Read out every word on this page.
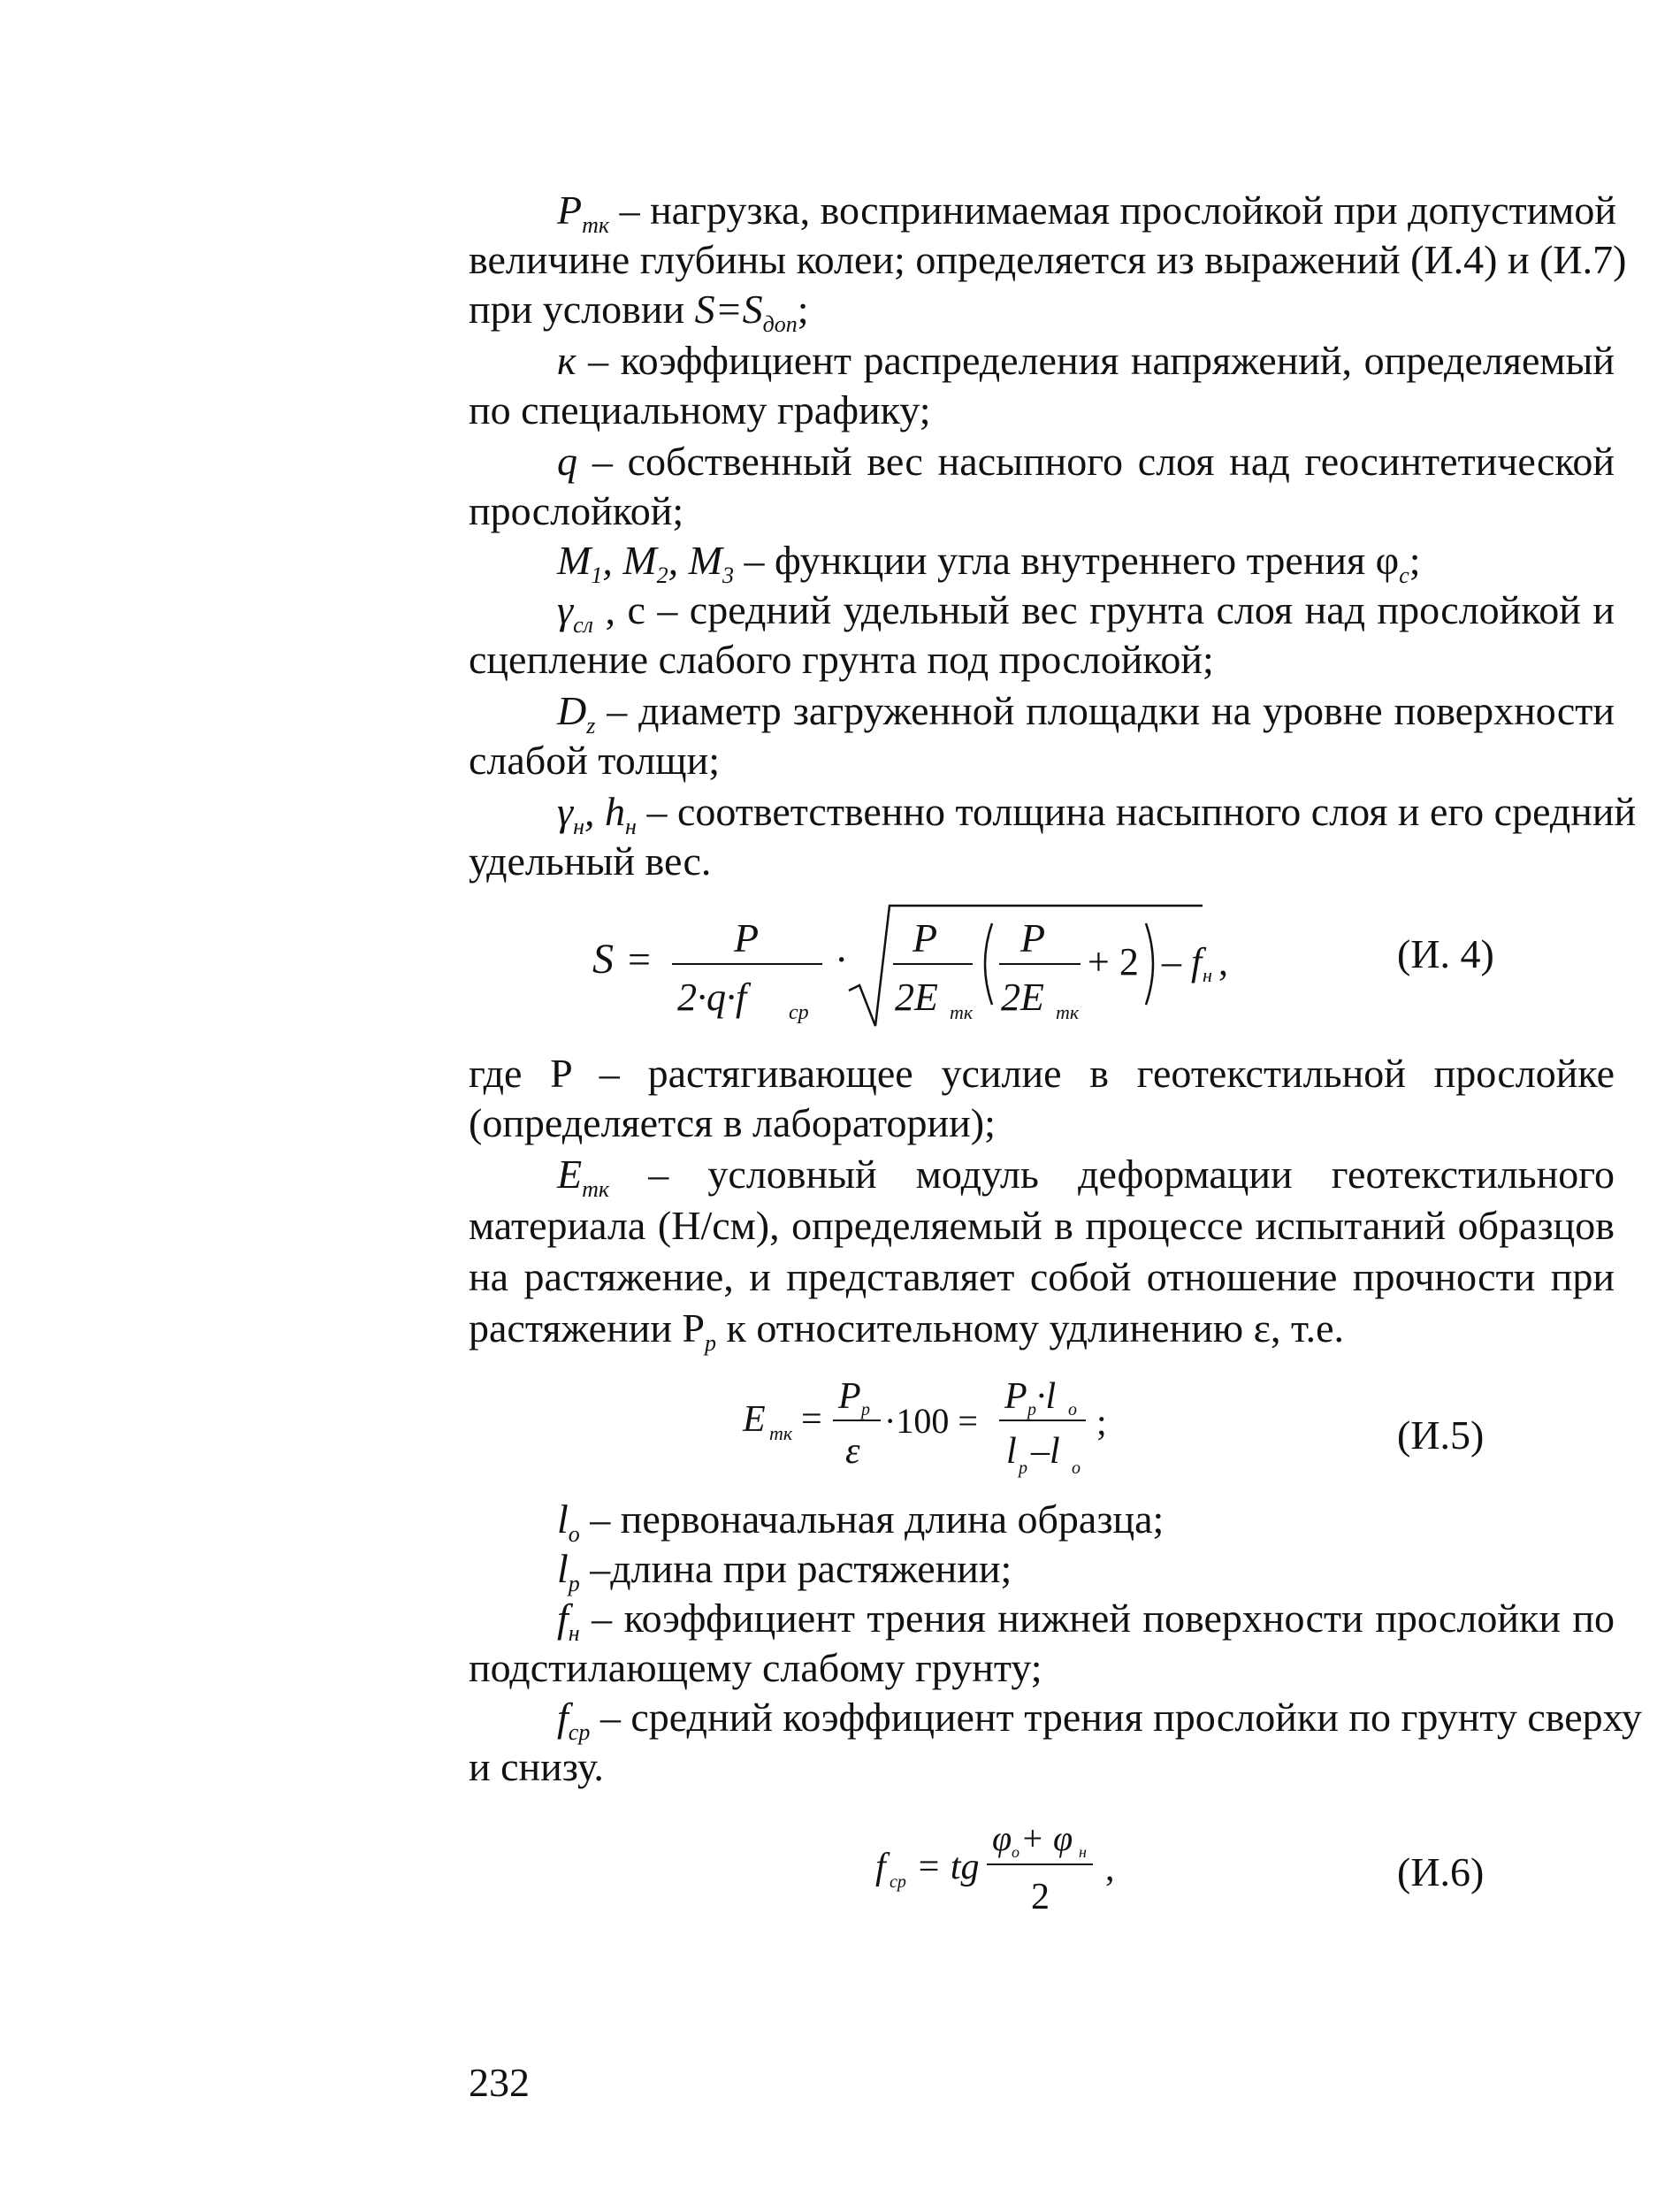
$P_{тк}$ – нагрузка, воспринимаемая прослойкой при допустимой
величине глубины колеи; определяется из выражений (И.4) и (И.7)
при условии $S=S_{доп}$;
к – коэффициент распределения напряжений, определяемый
по специальному графику;
q – собственный вес насыпного слоя над геосинтетической
прослойкой;
$M_1$, $M_2$, $M_3$ – функции угла внутреннего трения $\varphi_с$;
$\gamma_{сл}$ , c – средний удельный вес грунта слоя над прослойкой и
сцепление слабого грунта под прослойкой;
$D_z$ – диаметр загруженной площадки на уровне поверхности
слабой толщи;
$\gamma_н$, $h_н$ – соответственно толщина насыпного слоя и его средний
удельный вес.
S = P
2·q·f ср
· P
2E тк
P
2E тк
+ 2 – f н ,	(И. 4)
где P – растягивающее усилие в геотекстильной прослойке
(определяется в лаборатории);
$E_{тк}$ – условный модуль деформации геотекстильного
материала (Н/см), определяемый в процессе испытаний образцов
на растяжение, и представляет собой отношение прочности при
растяжении $P_р$ к относительному удлинению ε, т.е.
E тк =
P р
ε
·100 =
P р ·l о
l р –l о
;	(И.5)
$l_о$ – первоначальная длина образца;
$l_р$ –длина при растяжении;
$f_н$ – коэффициент трения нижней поверхности прослойки по
подстилающему слабому грунту;
$f_{ср}$ – средний коэффициент трения прослойки по грунту сверху
и снизу.
f ср = tg
φ о + φ н
2
,	(И.6)
232
